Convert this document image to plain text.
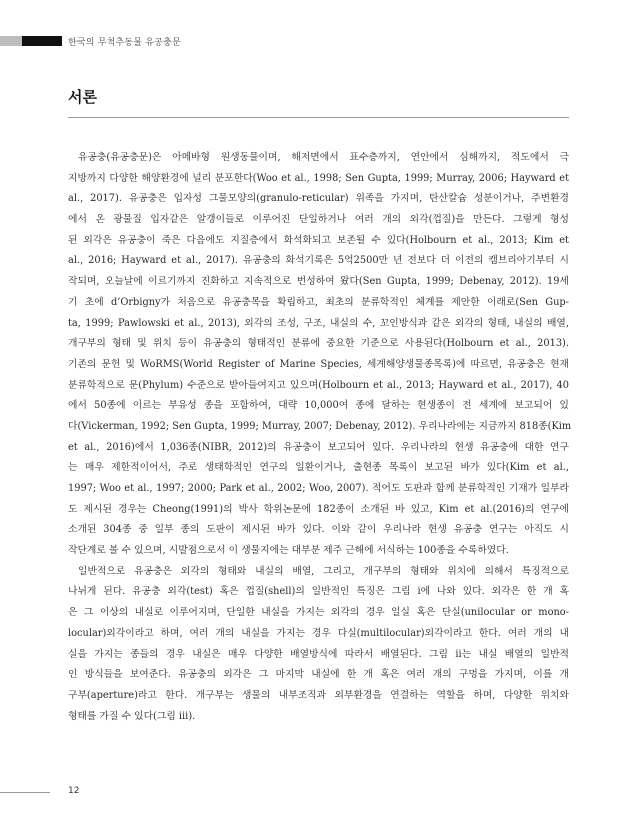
한국의 무척추동물 유공충문
서론
유공충(유공충문)은 아메바형 원생동물이며, 해저면에서 표수층까지, 연안에서 심해까지, 적도에서 극
지방까지 다양한 해양환경에 널리 분포한다(Woo et al., 1998; Sen Gupta, 1999; Murray, 2006; Hayward et
al., 2017). 유공충은 입자성 그물모양의(granulo-reticular) 위족을 가지며, 탄산칼슘 성분이거나, 주변환경
에서 온 광물질 입자같은 알갱이들로 이루어진 단일하거나 여러 개의 외각(껍질)을 만든다. 그렇게 형성
된 외각은 유공충이 죽은 다음에도 지질층에서 화석화되고 보존될 수 있다(Holbourn et al., 2013; Kim et
al., 2016; Hayward et al., 2017). 유공충의 화석기록은 5억2500만 년 전보다 더 이전의 캠브리아기부터 시
작되며, 오늘날에 이르기까지 진화하고 지속적으로 번성하여 왔다(Sen Gupta, 1999; Debenay, 2012). 19세
기 초에 d’Orbigny가 처음으로 유공충목을 확립하고, 최초의 분류학적인 체계를 제안한 이래로(Sen Gup-
ta, 1999; Pawlowski et al., 2013), 외각의 조성, 구조, 내실의 수, 꼬인방식과 같은 외각의 형태, 내실의 배열,
개구부의 형태 및 위치 등이 유공충의 형태적인 분류에 중요한 기준으로 사용된다(Holbourn et al., 2013).
기존의 문헌 및 WoRMS(World Register of Marine Species, 세계해양생물종목록)에 따르면, 유공충은 현재
분류학적으로 문(Phylum) 수준으로 받아들여지고 있으며(Holbourn et al., 2013; Hayward et al., 2017), 40
에서 50종에 이르는 부유성 종을 포함하여, 대략 10,000여 종에 달하는 현생종이 전 세계에 보고되어 있
다(Vickerman, 1992; Sen Gupta, 1999; Murray, 2007; Debenay, 2012). 우리나라에는 지금까지 818종(Kim
et al., 2016)에서 1,036종(NIBR, 2012)의 유공충이 보고되어 있다. 우리나라의 현생 유공충에 대한 연구
는 매우 제한적이어서, 주로 생태학적인 연구의 일환이거나, 출현종 목록이 보고된 바가 있다(Kim et al.,
1997; Woo et al., 1997; 2000; Park et al., 2002; Woo, 2007). 적어도 도판과 함께 분류학적인 기재가 일부라
도 제시된 경우는 Cheong(1991)의 박사 학위논문에 182종이 소개된 바 있고, Kim et al.(2016)의 연구에
소개된 304종 중 일부 종의 도판이 제시된 바가 있다. 이와 같이 우리나라 현생 유공충 연구는 아직도 시
작단계로 볼 수 있으며, 시발점으로서 이 생물지에는 대부분 제주 근해에 서식하는 100종을 수록하였다.
일반적으로 유공충은 외각의 형태와 내실의 배열, 그리고, 개구부의 형태와 위치에 의해서 특징적으로
나뉘게 된다. 유공충 외각(test) 혹은 껍질(shell)의 일반적인 특징은 그림 i에 나와 있다. 외각은 한 개 혹
은 그 이상의 내실로 이루어지며, 단일한 내실을 가지는 외각의 경우 일실 혹은 단실(unilocular or mono-
locular)외각이라고 하며, 여러 개의 내실을 가지는 경우 다실(multilocular)외각이라고 한다. 여러 개의 내
실을 가지는 종들의 경우 내실은 매우 다양한 배열방식에 따라서 배열된다. 그림 ii는 내실 배열의 일반적
인 방식들을 보여준다. 유공충의 외각은 그 마지막 내실에 한 개 혹은 여러 개의 구멍을 가지며, 이를 개
구부(aperture)라고 한다. 개구부는 생물의 내부조직과 외부환경을 연결하는 역할을 하며, 다양한 위치와
형태를 가질 수 있다(그림 iii).
12
